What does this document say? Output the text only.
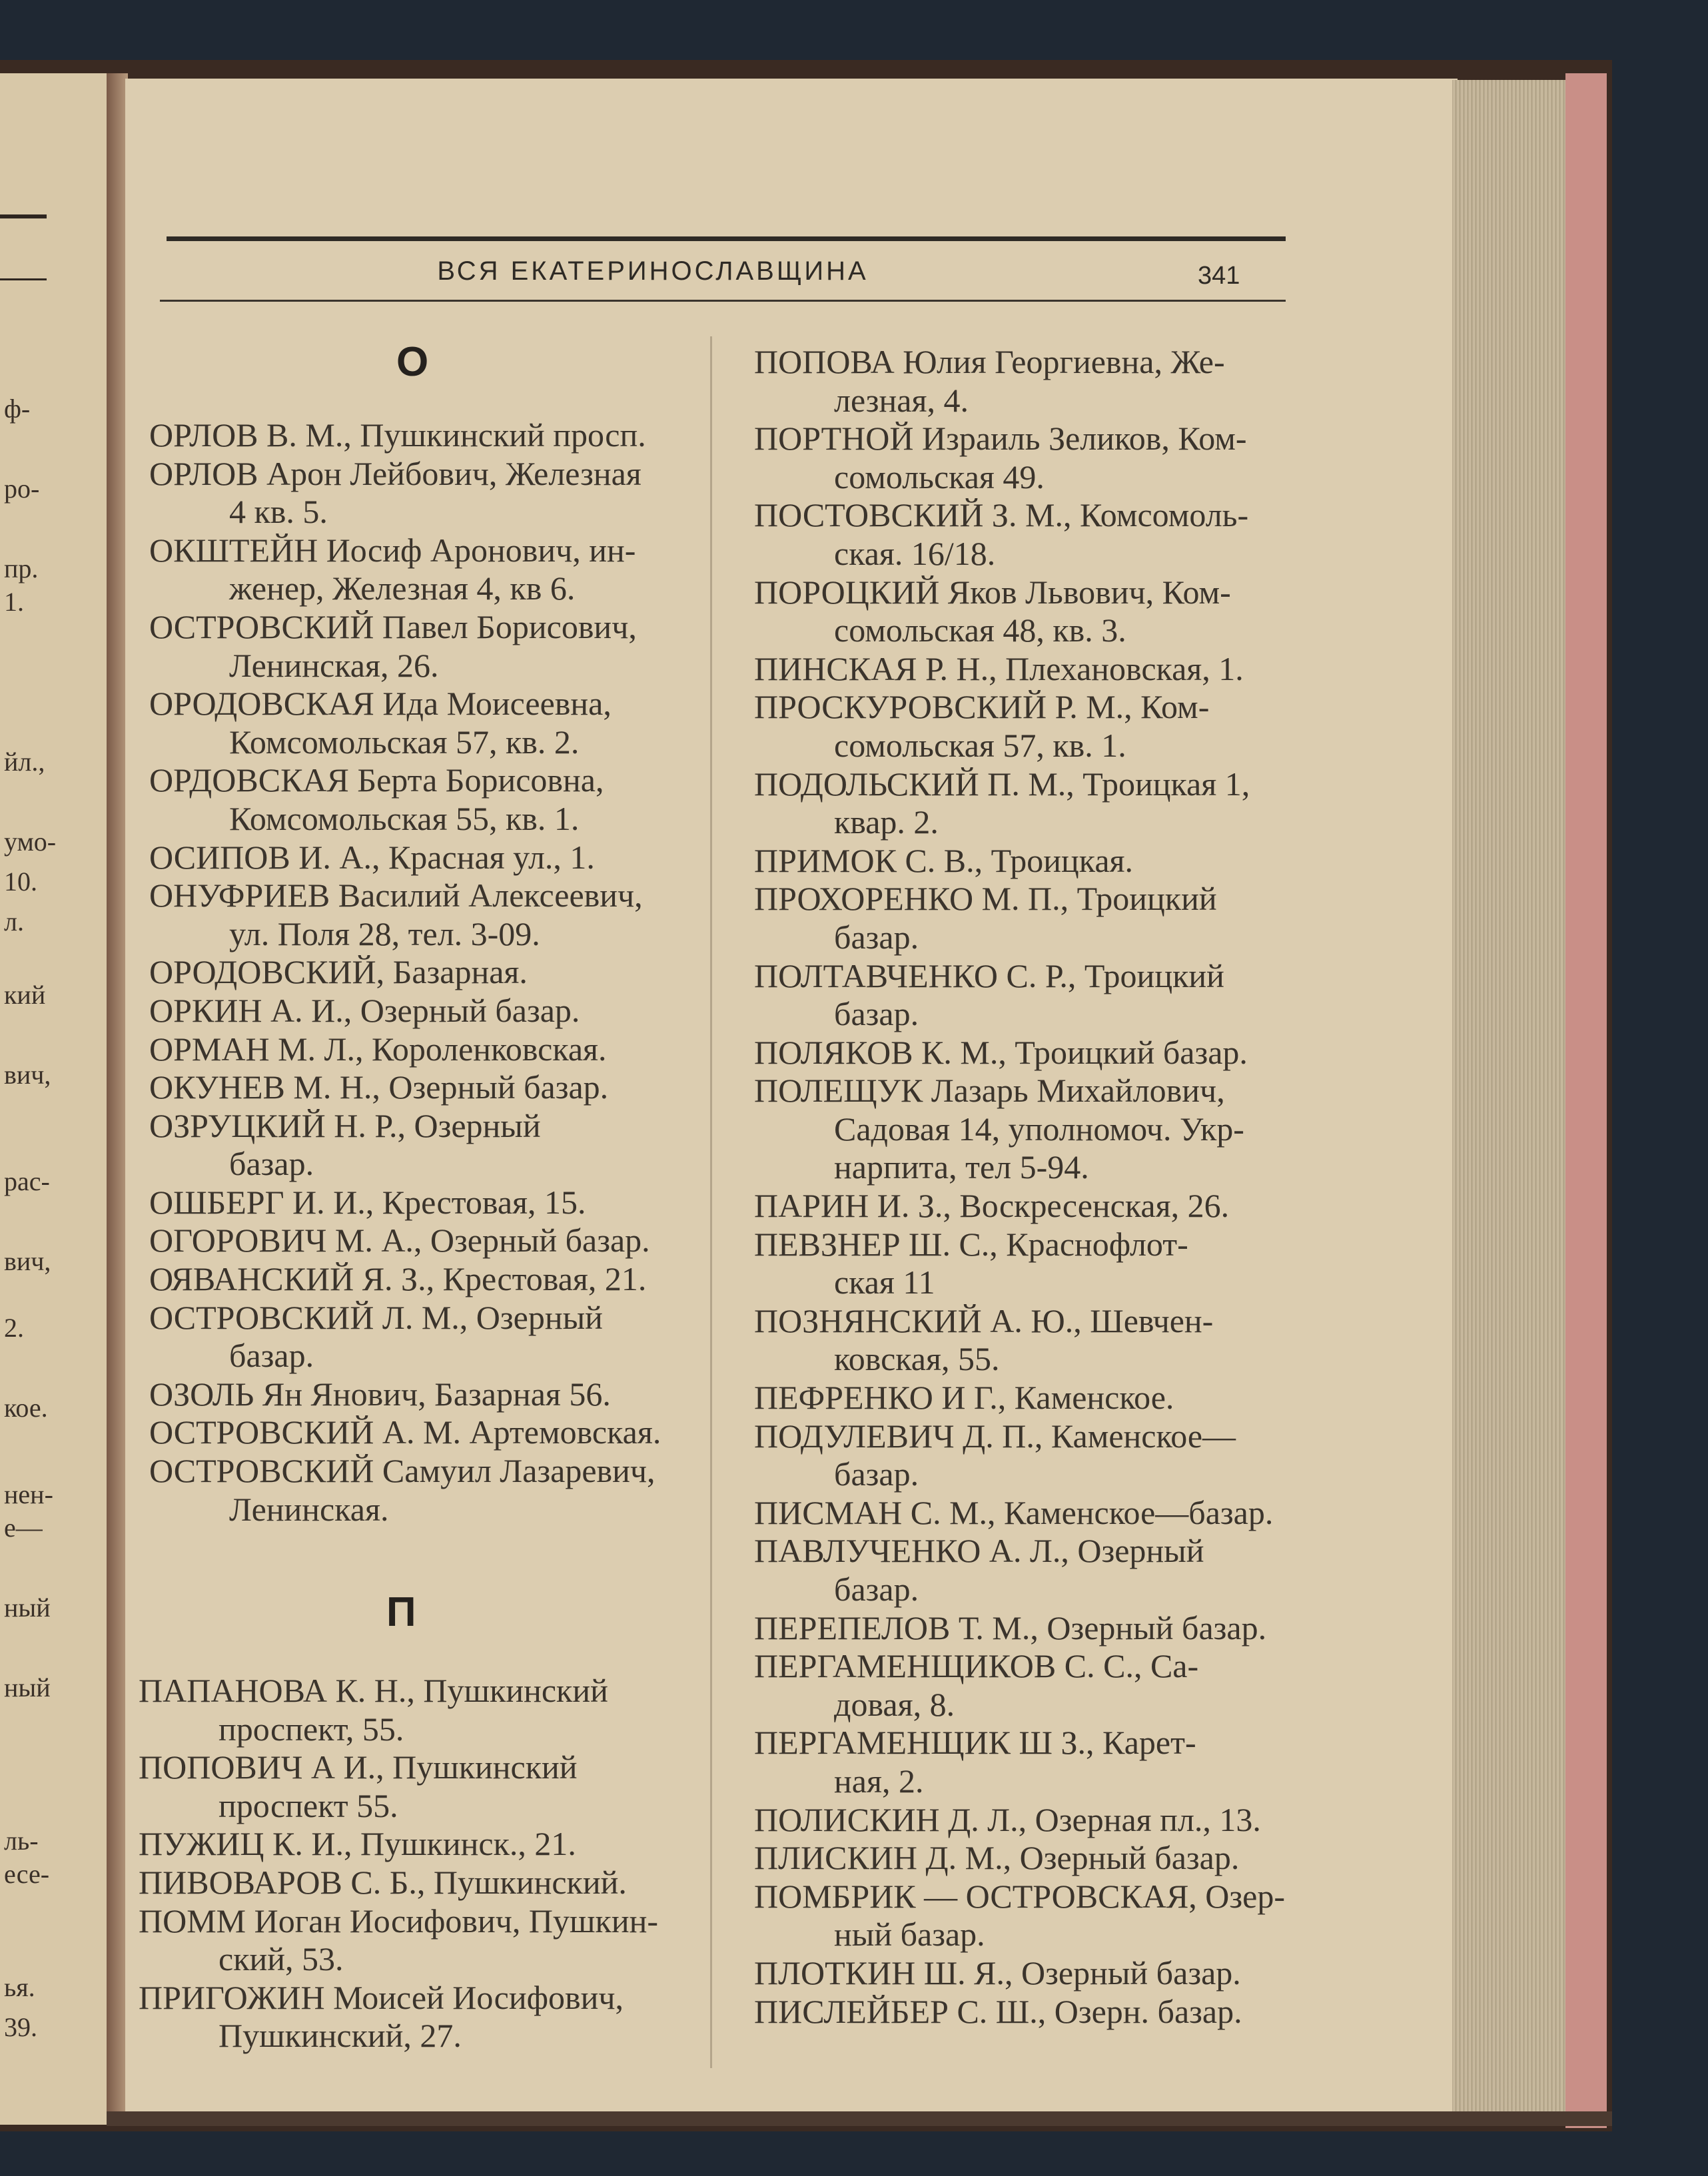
ф-
ро-
пр.
1.
йл.,
умо-
10.
л.
кий
вич,
рас-
вич,
2.
кое.
нен-
е—
ный
ный
ль-
есе-
ья.
39.
ВСЯ ЕКАТЕРИНОСЛАВЩИНА	341
О
ОРЛОВ В. М., Пушкинский просп.
ОРЛОВ Арон Лейбович, Железная
4 кв. 5.
ОКШТЕЙН Иосиф Аронович, ин-
женер, Железная 4, кв 6.
ОСТРОВСКИЙ Павел Борисович,
Ленинская, 26.
ОРОДОВСКАЯ Ида Моисеевна,
Комсомольская 57, кв. 2.
ОРДОВСКАЯ Берта Борисовна,
Комсомольская 55, кв. 1.
ОСИПОВ И. А., Красная ул., 1.
ОНУФРИЕВ Василий Алексеевич,
ул. Поля 28, тел. 3-09.
ОРОДОВСКИЙ, Базарная.
ОРКИН А. И., Озерный базар.
ОРМАН М. Л., Короленковская.
ОКУНЕВ М. Н., Озерный базар.
ОЗРУЦКИЙ Н. Р., Озерный
базар.
ОШБЕРГ И. И., Крестовая, 15.
ОГОРОВИЧ М. А., Озерный базар.
ОЯВАНСКИЙ Я. З., Крестовая, 21.
ОСТРОВСКИЙ Л. М., Озерный
базар.
ОЗОЛЬ Ян Янович, Базарная 56.
ОСТРОВСКИЙ А. М. Артемовская.
ОСТРОВСКИЙ Самуил Лазаревич,
Ленинская.
П
ПАПАНОВА К. Н., Пушкинский
проспект, 55.
ПОПОВИЧ А И., Пушкинский
проспект 55.
ПУЖИЦ К. И., Пушкинск., 21.
ПИВОВАРОВ С. Б., Пушкинский.
ПОММ Иоган Иосифович, Пушкин-
ский, 53.
ПРИГОЖИН Моисей Иосифович,
Пушкинский, 27.
ПОПОВА Юлия Георгиевна, Же-
лезная, 4.
ПОРТНОЙ Израиль Зеликов, Ком-
сомольская 49.
ПОСТОВСКИЙ З. М., Комсомоль-
ская. 16/18.
ПОРОЦКИЙ Яков Львович, Ком-
сомольская 48, кв. 3.
ПИНСКАЯ Р. Н., Плехановская, 1.
ПРОСКУРОВСКИЙ Р. М., Ком-
сомольская 57, кв. 1.
ПОДОЛЬСКИЙ П. М., Троицкая 1,
квар. 2.
ПРИМОК С. В., Троицкая.
ПРОХОРЕНКО М. П., Троицкий
базар.
ПОЛТАВЧЕНКО С. Р., Троицкий
базар.
ПОЛЯКОВ К. М., Троицкий базар.
ПОЛЕЩУК Лазарь Михайлович,
Садовая 14, уполномоч. Укр-
нарпита, тел 5-94.
ПАРИН И. З., Воскресенская, 26.
ПЕВЗНЕР Ш. С., Краснофлот-
ская 11
ПОЗНЯНСКИЙ А. Ю., Шевчен-
ковская, 55.
ПЕФРЕНКО И Г., Каменское.
ПОДУЛЕВИЧ Д. П., Каменское—
базар.
ПИСМАН С. М., Каменское—базар.
ПАВЛУЧЕНКО А. Л., Озерный
базар.
ПЕРЕПЕЛОВ Т. М., Озерный базар.
ПЕРГАМЕНЩИКОВ С. С., Са-
довая, 8.
ПЕРГАМЕНЩИК Ш З., Карет-
ная, 2.
ПОЛИСКИН Д. Л., Озерная пл., 13.
ПЛИСКИН Д. М., Озерный базар.
ПОМБРИК — ОСТРОВСКАЯ, Озер-
ный базар.
ПЛОТКИН Ш. Я., Озерный базар.
ПИСЛЕЙБЕР С. Ш., Озерн. базар.
